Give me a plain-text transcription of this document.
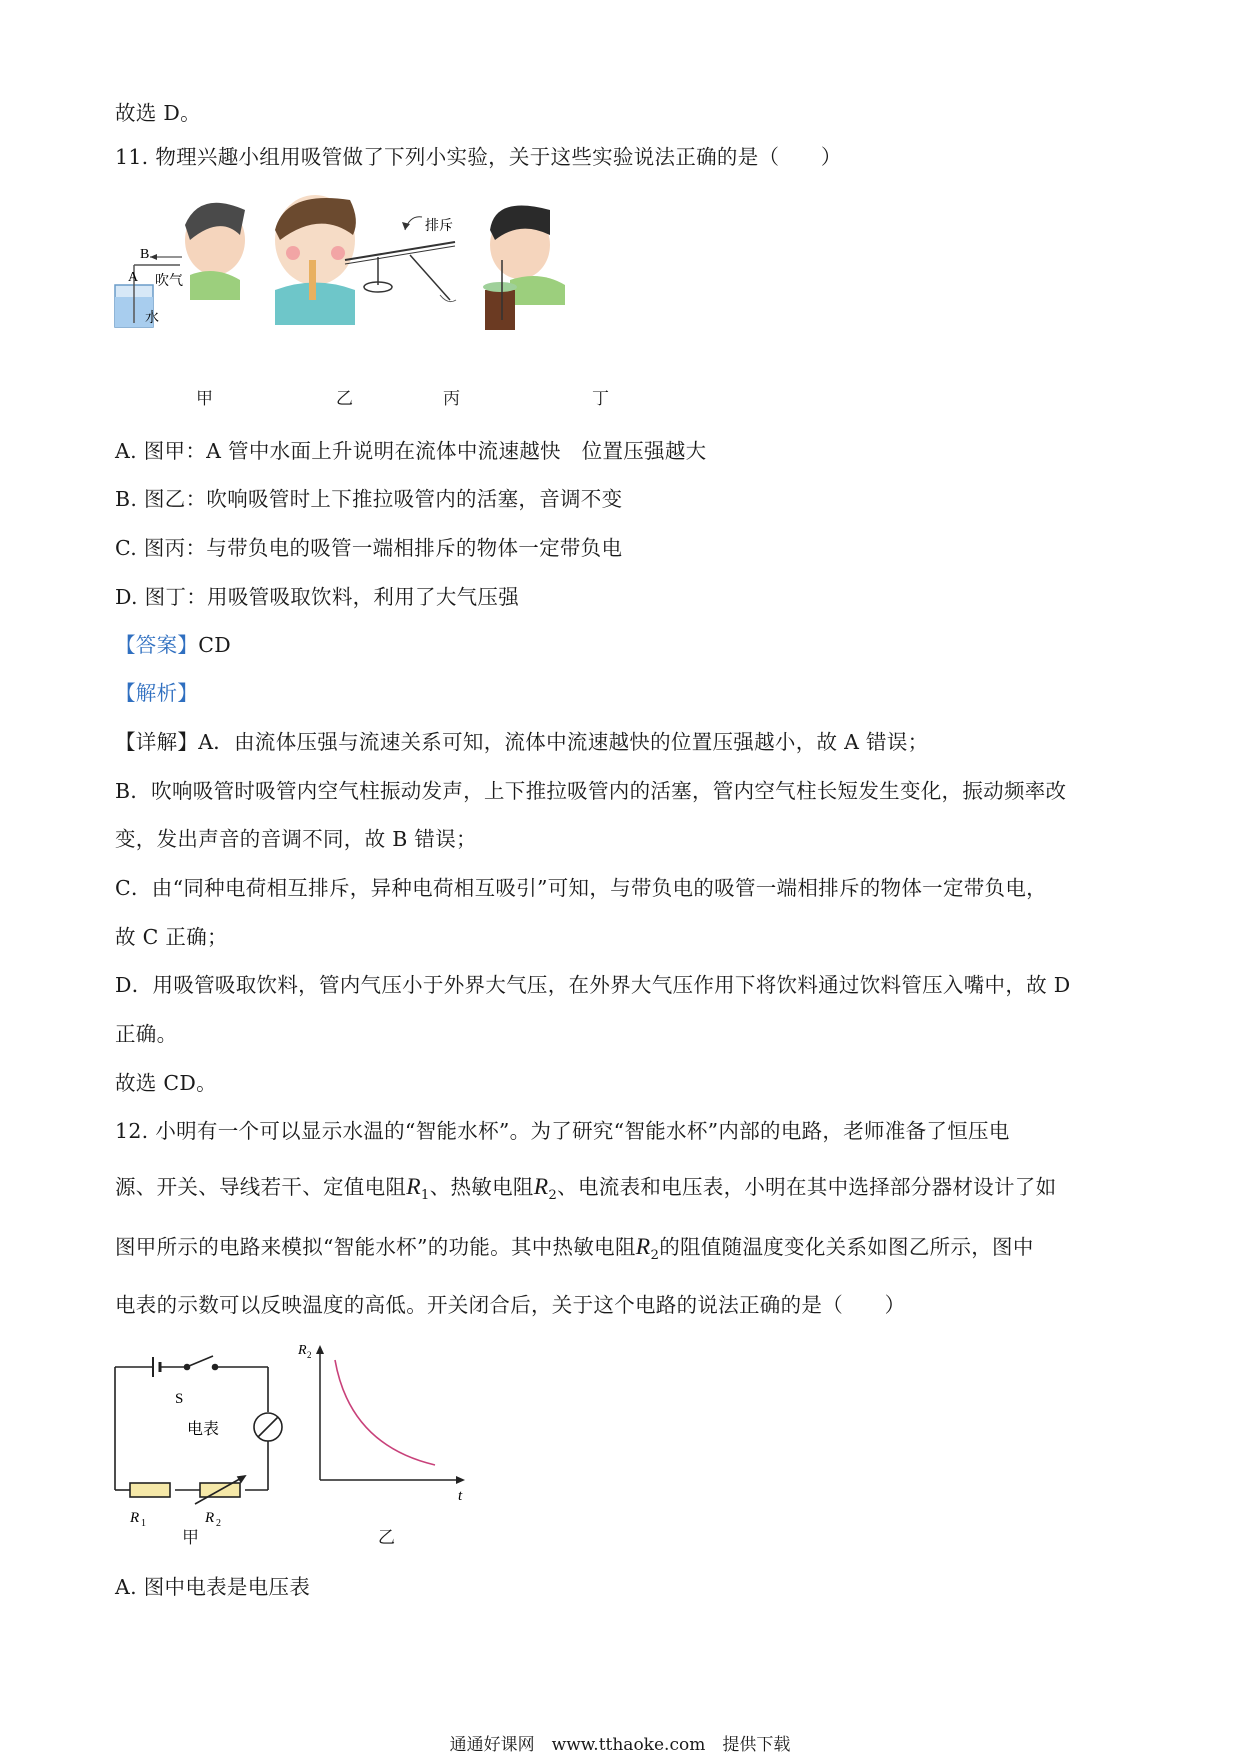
故选 D。
11. 物理兴趣小组用吸管做了下列小实验，关于这些实验说法正确的是（　　）
B
A 吹气
水
排斥
甲	乙	丙	丁
A. 图甲：A 管中水面上升说明在流体中流速越快　位置压强越大
B. 图乙：吹响吸管时上下推拉吸管内的活塞，音调不变
C. 图丙：与带负电的吸管一端相排斥的物体一定带负电
D. 图丁：用吸管吸取饮料，利用了大气压强
【答案】CD
【解析】
【详解】A．由流体压强与流速关系可知，流体中流速越快的位置压强越小，故 A 错误；
B．吹响吸管时吸管内空气柱振动发声，上下推拉吸管内的活塞，管内空气柱长短发生变化，振动频率改
变，发出声音的音调不同，故 B 错误；
C．由“同种电荷相互排斥，异种电荷相互吸引”可知，与带负电的吸管一端相排斥的物体一定带负电，
故 C 正确；
D．用吸管吸取饮料，管内气压小于外界大气压，在外界大气压作用下将饮料通过饮料管压入嘴中，故 D
正确。
故选 CD。
12. 小明有一个可以显示水温的“智能水杯”。为了研究“智能水杯”内部的电路，老师准备了恒压电
源、开关、导线若干、定值电阻$R_1$、热敏电阻$R_2$、电流表和电压表，小明在其中选择部分器材设计了如
图甲所示的电路来模拟“智能水杯”的功能。其中热敏电阻$R_2$的阻值随温度变化关系如图乙所示，图中
电表的示数可以反映温度的高低。开关闭合后，关于这个电路的说法正确的是（　　）
S
电表
R 1	R 2
R 2
t
甲	乙
A. 图中电表是电压表
通通好课网　www.tthaoke.com　提供下载
